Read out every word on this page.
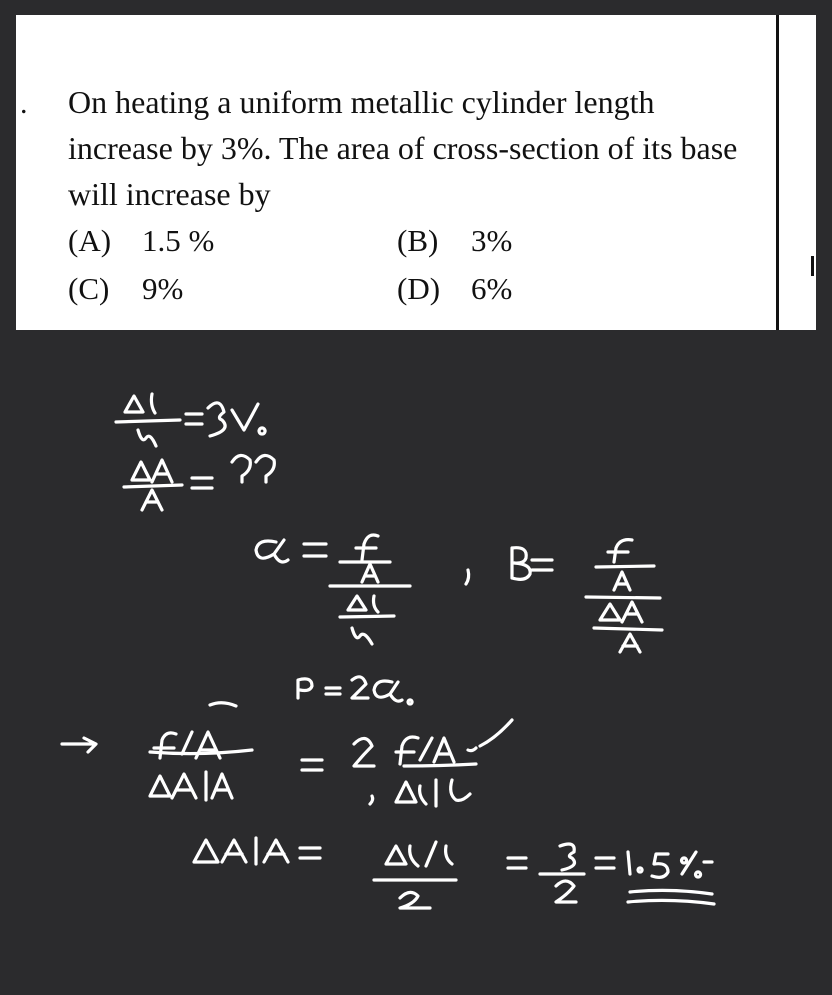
. On heating a uniform metallic cylinder length increase by 3%. The area of cross-section of its base will increase by
(A) 1.5 %	(B) 3%
(C) 9%	(D) 6%
